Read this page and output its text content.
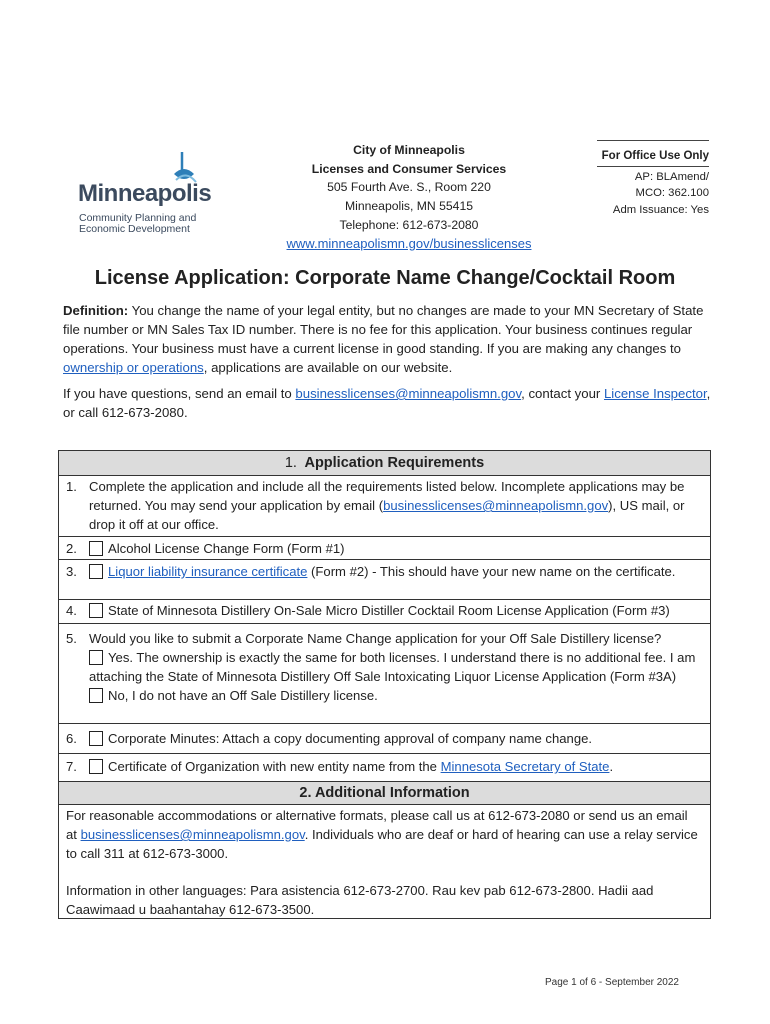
Minneapolis
Community Planning and
Economic Development
City of Minneapolis
Licenses and Consumer Services
505 Fourth Ave. S., Room 220
Minneapolis, MN 55415
Telephone: 612-673-2080
www.minneapolismn.gov/businesslicenses
For Office Use Only
AP: BLAmend/
MCO: 362.100
Adm Issuance: Yes
License Application: Corporate Name Change/Cocktail Room
Definition: You change the name of your legal entity, but no changes are made to your MN Secretary of State file number or MN Sales Tax ID number. There is no fee for this application. Your business continues regular operations. Your business must have a current license in good standing. If you are making any changes to ownership or operations, applications are available on our website.
If you have questions, send an email to businesslicenses@minneapolismn.gov, contact your License Inspector, or call 612-673-2080.
1. Application Requirements
1. Complete the application and include all the requirements listed below. Incomplete applications may be returned. You may send your application by email (businesslicenses@minneapolismn.gov), US mail, or drop it off at our office.
2.	Alcohol License Change Form (Form #1)
3.	Liquor liability insurance certificate (Form #2) - This should have your new name on the certificate.
4.	State of Minnesota Distillery On-Sale Micro Distiller Cocktail Room License Application (Form #3)
5. Would you like to submit a Corporate Name Change application for your Off Sale Distillery license?
Yes. The ownership is exactly the same for both licenses. I understand there is no additional fee. I am attaching the State of Minnesota Distillery Off Sale Intoxicating Liquor License Application (Form #3A)
No, I do not have an Off Sale Distillery license.
6.	Corporate Minutes: Attach a copy documenting approval of company name change.
7.	Certificate of Organization with new entity name from the Minnesota Secretary of State.
2. Additional Information
For reasonable accommodations or alternative formats, please call us at 612-673-2080 or send us an email at businesslicenses@minneapolismn.gov. Individuals who are deaf or hard of hearing can use a relay service to call 311 at 612-673-3000.
Information in other languages: Para asistencia 612-673-2700. Rau kev pab 612-673-2800. Hadii aad Caawimaad u baahantahay 612-673-3500.
Page 1 of 6 - September 2022
